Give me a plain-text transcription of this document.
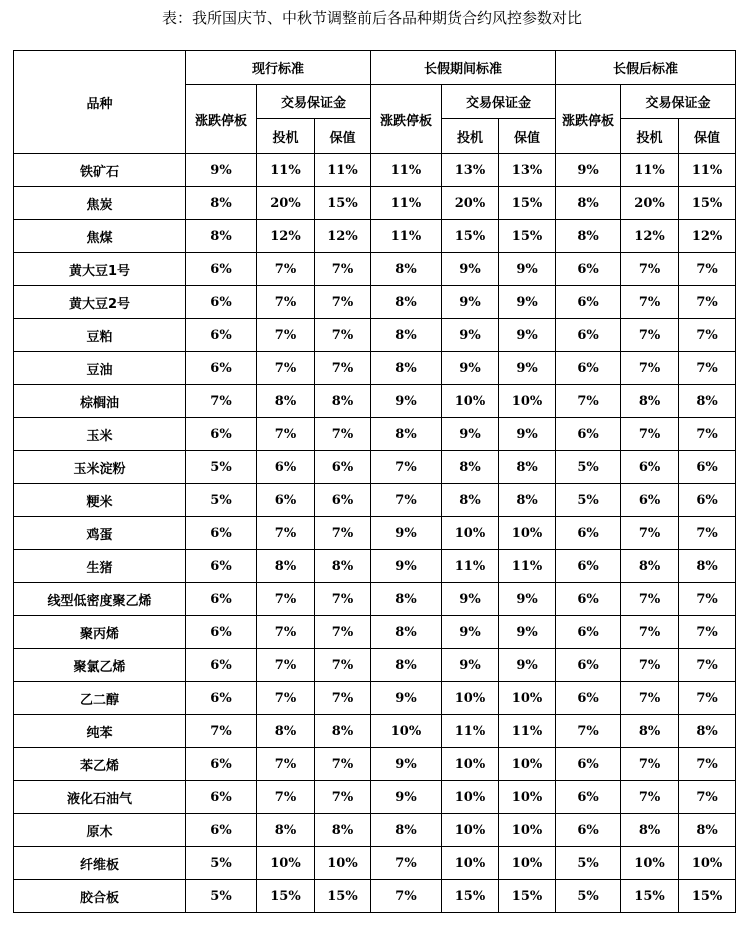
表：我所国庆节、中秋节调整前后各品种期货合约风控参数对比
品种	现行标准			长假期间标准			长假后标准		
	涨跌停板	交易保证金		涨跌停板	交易保证金		涨跌停板	交易保证金	
		投机	保值		投机	保值		投机	保值
铁矿石	9%	11%	11%	11%	13%	13%	9%	11%	11%
焦炭	8%	20%	15%	11%	20%	15%	8%	20%	15%
焦煤	8%	12%	12%	11%	15%	15%	8%	12%	12%
黄大豆1号	6%	7%	7%	8%	9%	9%	6%	7%	7%
黄大豆2号	6%	7%	7%	8%	9%	9%	6%	7%	7%
豆粕	6%	7%	7%	8%	9%	9%	6%	7%	7%
豆油	6%	7%	7%	8%	9%	9%	6%	7%	7%
棕榈油	7%	8%	8%	9%	10%	10%	7%	8%	8%
玉米	6%	7%	7%	8%	9%	9%	6%	7%	7%
玉米淀粉	5%	6%	6%	7%	8%	8%	5%	6%	6%
粳米	5%	6%	6%	7%	8%	8%	5%	6%	6%
鸡蛋	6%	7%	7%	9%	10%	10%	6%	7%	7%
生猪	6%	8%	8%	9%	11%	11%	6%	8%	8%
线型低密度聚乙烯	6%	7%	7%	8%	9%	9%	6%	7%	7%
聚丙烯	6%	7%	7%	8%	9%	9%	6%	7%	7%
聚氯乙烯	6%	7%	7%	8%	9%	9%	6%	7%	7%
乙二醇	6%	7%	7%	9%	10%	10%	6%	7%	7%
纯苯	7%	8%	8%	10%	11%	11%	7%	8%	8%
苯乙烯	6%	7%	7%	9%	10%	10%	6%	7%	7%
液化石油气	6%	7%	7%	9%	10%	10%	6%	7%	7%
原木	6%	8%	8%	8%	10%	10%	6%	8%	8%
纤维板	5%	10%	10%	7%	10%	10%	5%	10%	10%
胶合板	5%	15%	15%	7%	15%	15%	5%	15%	15%
